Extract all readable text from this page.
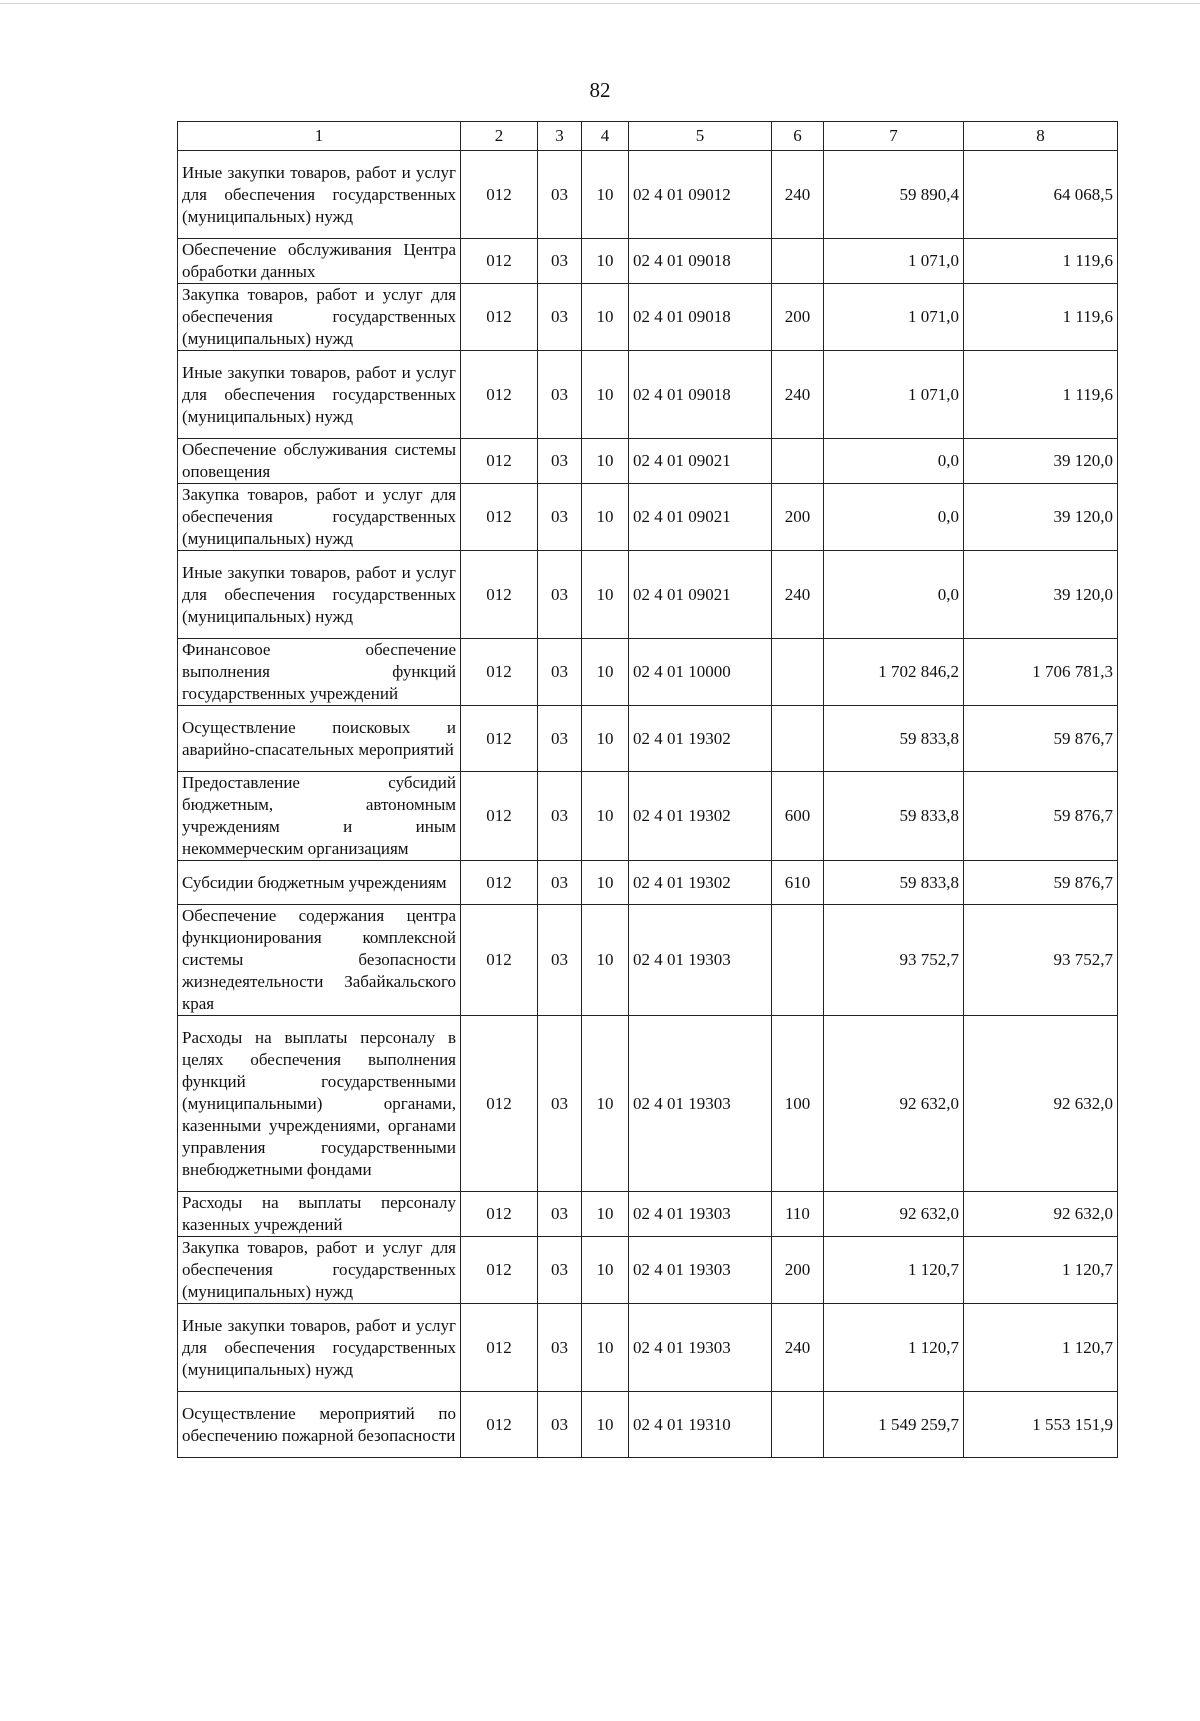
82
1	2	3	4	5	6	7	8
Иные закупки товаров, работ и услуг для обеспечения государственных (муниципальных) нужд	012	03	10	02 4 01 09012	240	59 890,4	64 068,5
Обеспечение обслуживания Центра обработки данных	012	03	10	02 4 01 09018		1 071,0	1 119,6
Закупка товаров, работ и услуг для обеспечения государственных (муниципальных) нужд	012	03	10	02 4 01 09018	200	1 071,0	1 119,6
Иные закупки товаров, работ и услуг для обеспечения государственных (муниципальных) нужд	012	03	10	02 4 01 09018	240	1 071,0	1 119,6
Обеспечение обслуживания системы оповещения	012	03	10	02 4 01 09021		0,0	39 120,0
Закупка товаров, работ и услуг для обеспечения государственных (муниципальных) нужд	012	03	10	02 4 01 09021	200	0,0	39 120,0
Иные закупки товаров, работ и услуг для обеспечения государственных (муниципальных) нужд	012	03	10	02 4 01 09021	240	0,0	39 120,0
Финансовое обеспечение выполнения функций государственных учреждений	012	03	10	02 4 01 10000		1 702 846,2	1 706 781,3
Осуществление поисковых и аварийно-спасательных мероприятий	012	03	10	02 4 01 19302		59 833,8	59 876,7
Предоставление субсидий бюджетным, автономным учреждениям и иным некоммерческим организациям	012	03	10	02 4 01 19302	600	59 833,8	59 876,7
Субсидии бюджетным учреждениям	012	03	10	02 4 01 19302	610	59 833,8	59 876,7
Обеспечение содержания центра функционирования комплексной системы безопасности жизнедеятельности Забайкальского края	012	03	10	02 4 01 19303		93 752,7	93 752,7
Расходы на выплаты персоналу в целях обеспечения выполнения функций государственными (муниципальными) органами, казенными учреждениями, органами управления государственными внебюджетными фондами	012	03	10	02 4 01 19303	100	92 632,0	92 632,0
Расходы на выплаты персоналу казенных учреждений	012	03	10	02 4 01 19303	110	92 632,0	92 632,0
Закупка товаров, работ и услуг для обеспечения государственных (муниципальных) нужд	012	03	10	02 4 01 19303	200	1 120,7	1 120,7
Иные закупки товаров, работ и услуг для обеспечения государственных (муниципальных) нужд	012	03	10	02 4 01 19303	240	1 120,7	1 120,7
Осуществление мероприятий по обеспечению пожарной безопасности	012	03	10	02 4 01 19310		1 549 259,7	1 553 151,9
